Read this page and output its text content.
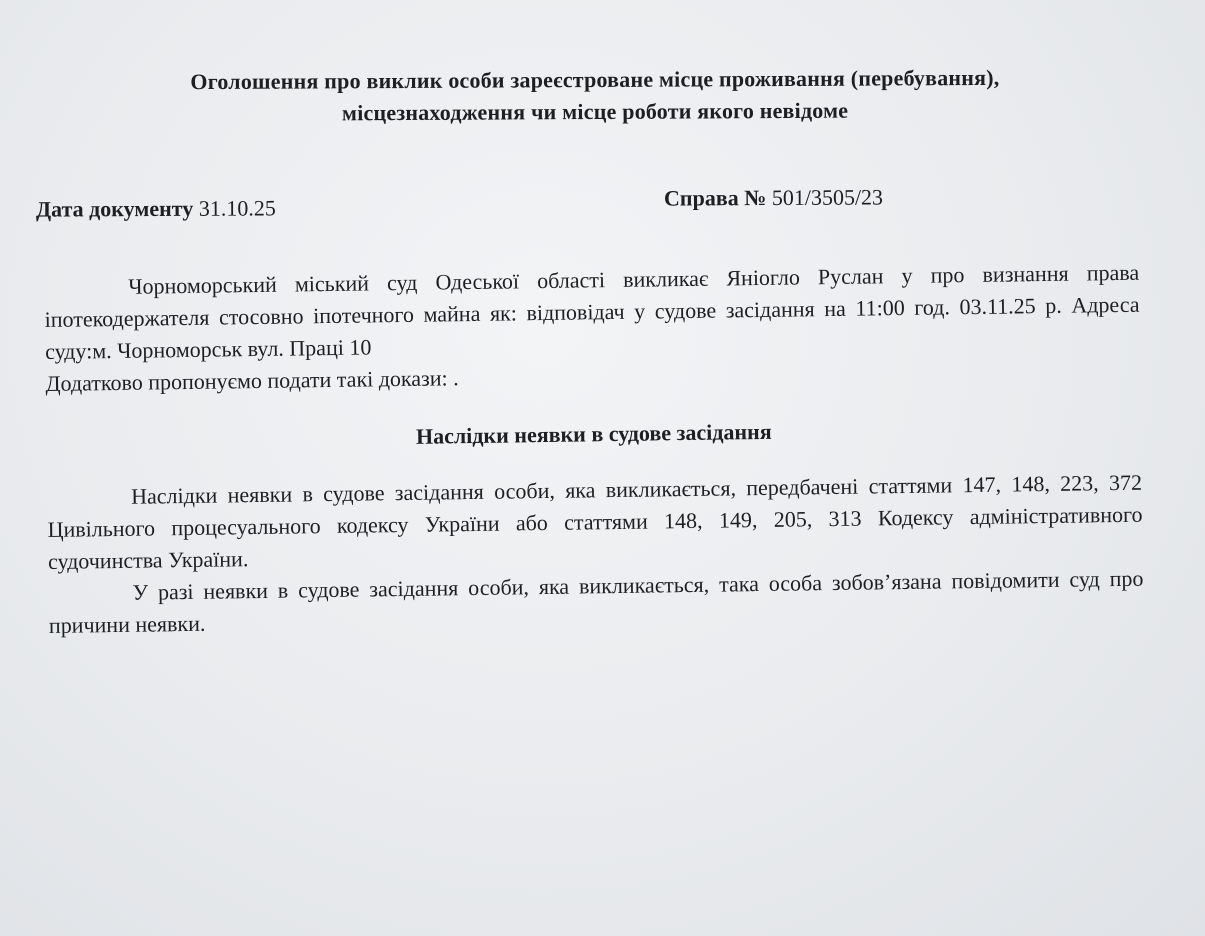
Оголошення про виклик особи зареєстроване місце проживання (перебування),
місцезнаходження чи місце роботи якого невідоме
Дата документу 31.10.25	Справа № 501/3505/23

Чорноморський міський суд Одеської області викликає Яніогло Руслан у про визнання права іпотекодержателя стосовно іпотечного майна як: відповідач у судове засідання на 11:00 год. 03.11.25 р. Адреса суду:м. Чорноморськ вул. Праці 10

Додатково пропонуємо подати такі докази: .

Наслідки неявки в судове засідання

Наслідки неявки в судове засідання особи, яка викликається, передбачені статтями 147, 148, 223, 372 Цивільного процесуального кодексу України або статтями 148, 149, 205, 313 Кодексу адміністративного судочинства України.

У разі неявки в судове засідання особи, яка викликається, така особа зобов’язана повідомити суд про причини неявки.
